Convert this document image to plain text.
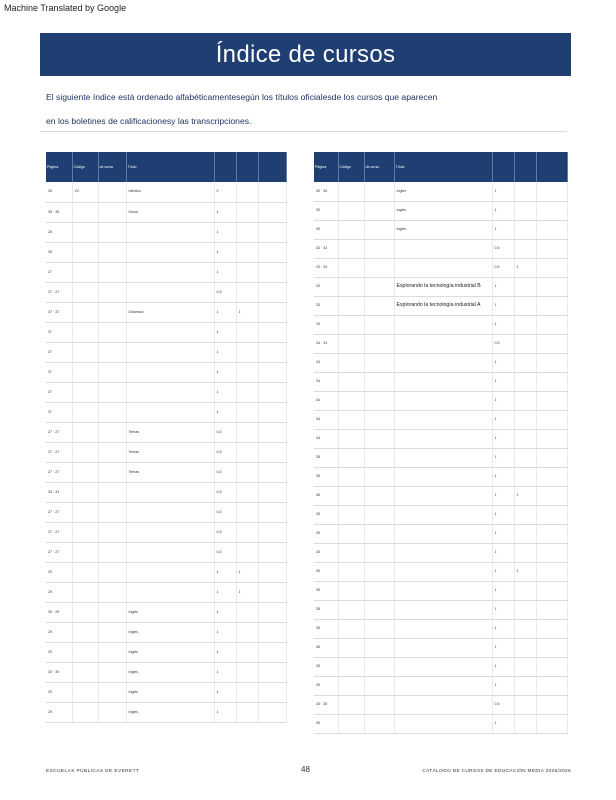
Machine Translated by Google
Índice de cursos

El siguiente índice está ordenado alfabéticamentesegún los títulos oficialesde los cursos que aparecen

en los boletines de calificacionesy las transcripciones.

Página	Código	de curso	Título			
35	VC		Idéntico	0		
35 · 35			Honor	1		
26				1		
35				1		
27				1		
27 · 27				0,5		
37 · 37			Dinámica	1	1	
37				1		
37				1		
37				1		
37				1		
37				1		
27 · 27			Temas	0,5		
27 · 27			Temas	0,5		
27 · 27			Temas	0,5		
33 · 33				0,5		
27 · 27				0,5		
27 · 27				0,5		
27 · 27				0,5		
29				1	1	
29				1	1	
29 · 29			Inglés	1		
29			Inglés	1		
29			Inglés	1		
30 · 30			Inglés	1		
29			Inglés	1		
29			Inglés	1		
Página	Código	de curso	Título			
30 · 30			Inglés	1		
30			Inglés	1		
30			Inglés	1		
33 · 33				0,5		
33 · 33				0,5	1	
33			Explorando la tecnología industrial B	1		
33			Explorando la tecnología industrial A	1		
33				1		
34 · 34				0,5		
34				1		
34				1		
34				1		
34				1		
34				1		
35				1		
35				1		
35				1	1	
35				1		
35				1		
35				1		
35				1	1	
35				1		
35				1		
35				1		
35				1		
35				1		
35				1		
35 · 35				0,5		
35				1		
ESCUELAS PÚBLICAS DE EVERETT	48	CATÁLOGO DE CURSOS DE EDUCACIÓN MEDIA 2025/2026
